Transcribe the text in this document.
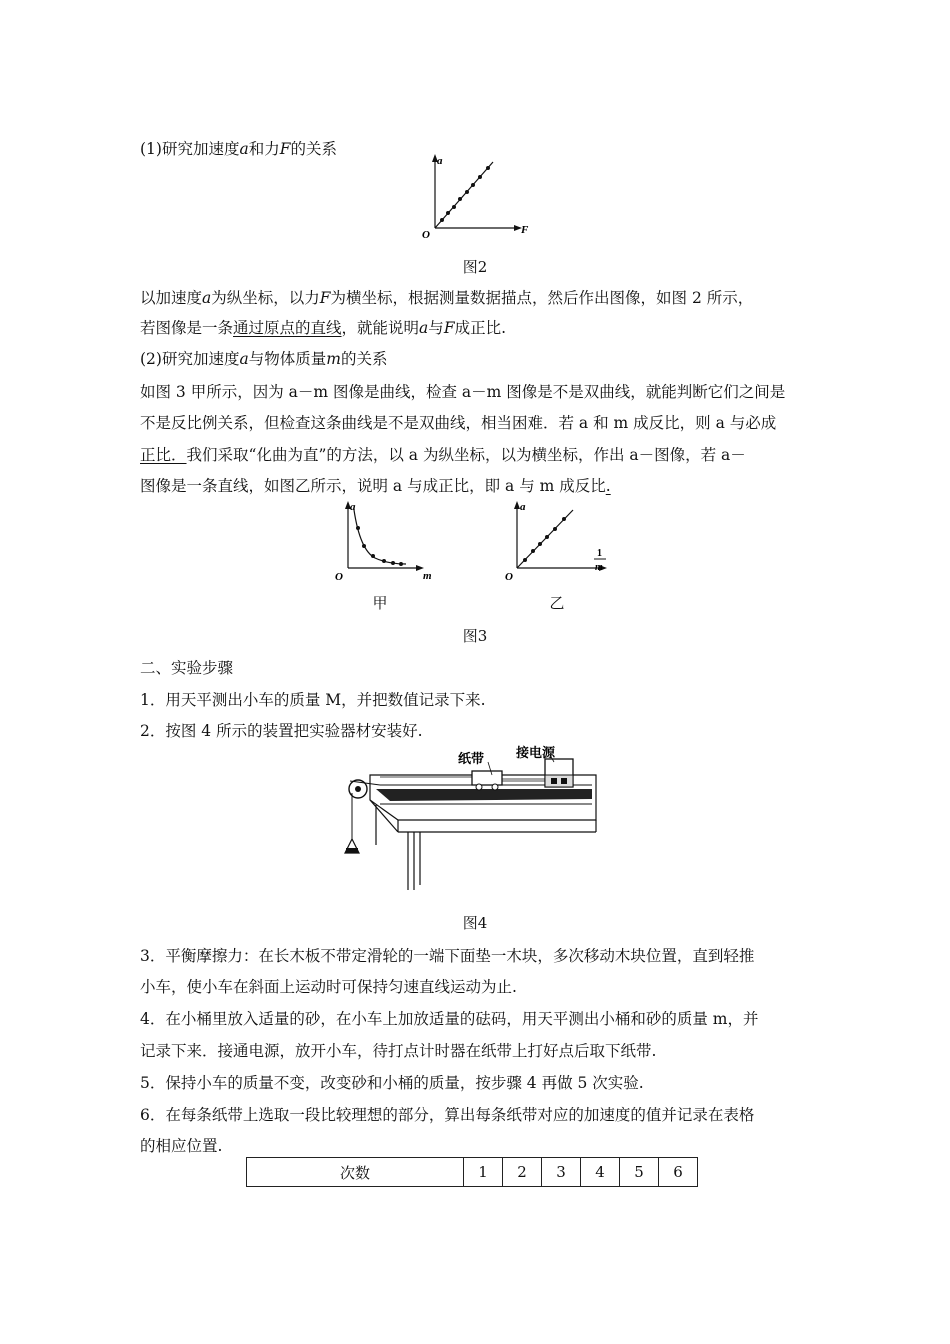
(1)研究加速度a和力F的关系
a
F
O
图2
以加速度a为纵坐标，以力F为横坐标，根据测量数据描点，然后作出图像，如图 2 所示，
若图像是一条通过原点的直线，就能说明a与F成正比.
(2)研究加速度a与物体质量m的关系
如图 3 甲所示，因为 a－m 图像是曲线，检查 a－m 图像是不是双曲线，就能判断它们之间是
不是反比例关系，但检查这条曲线是不是双曲线，相当困难．若 a 和 m 成反比，则 a 与必成
正比．我们采取“化曲为直”的方法，以 a 为纵坐标，以为横坐标，作出 a－图像，若 a－
图像是一条直线，如图乙所示，说明 a 与成正比，即 a 与 m 成反比.
a
m
O
甲
a
1
m
O
乙
图3
二、实验步骤
1．用天平测出小车的质量 M，并把数值记录下来.
2．按图 4 所示的装置把实验器材安装好.
纸带 接电源
图4
3．平衡摩擦力：在长木板不带定滑轮的一端下面垫一木块，多次移动木块位置，直到轻推
小车，使小车在斜面上运动时可保持匀速直线运动为止.
4．在小桶里放入适量的砂，在小车上加放适量的砝码，用天平测出小桶和砂的质量 m，并
记录下来．接通电源，放开小车，待打点计时器在纸带上打好点后取下纸带.
5．保持小车的质量不变，改变砂和小桶的质量，按步骤 4 再做 5 次实验.
6．在每条纸带上选取一段比较理想的部分，算出每条纸带对应的加速度的值并记录在表格
的相应位置.
次数	1	2	3	4	5	6
